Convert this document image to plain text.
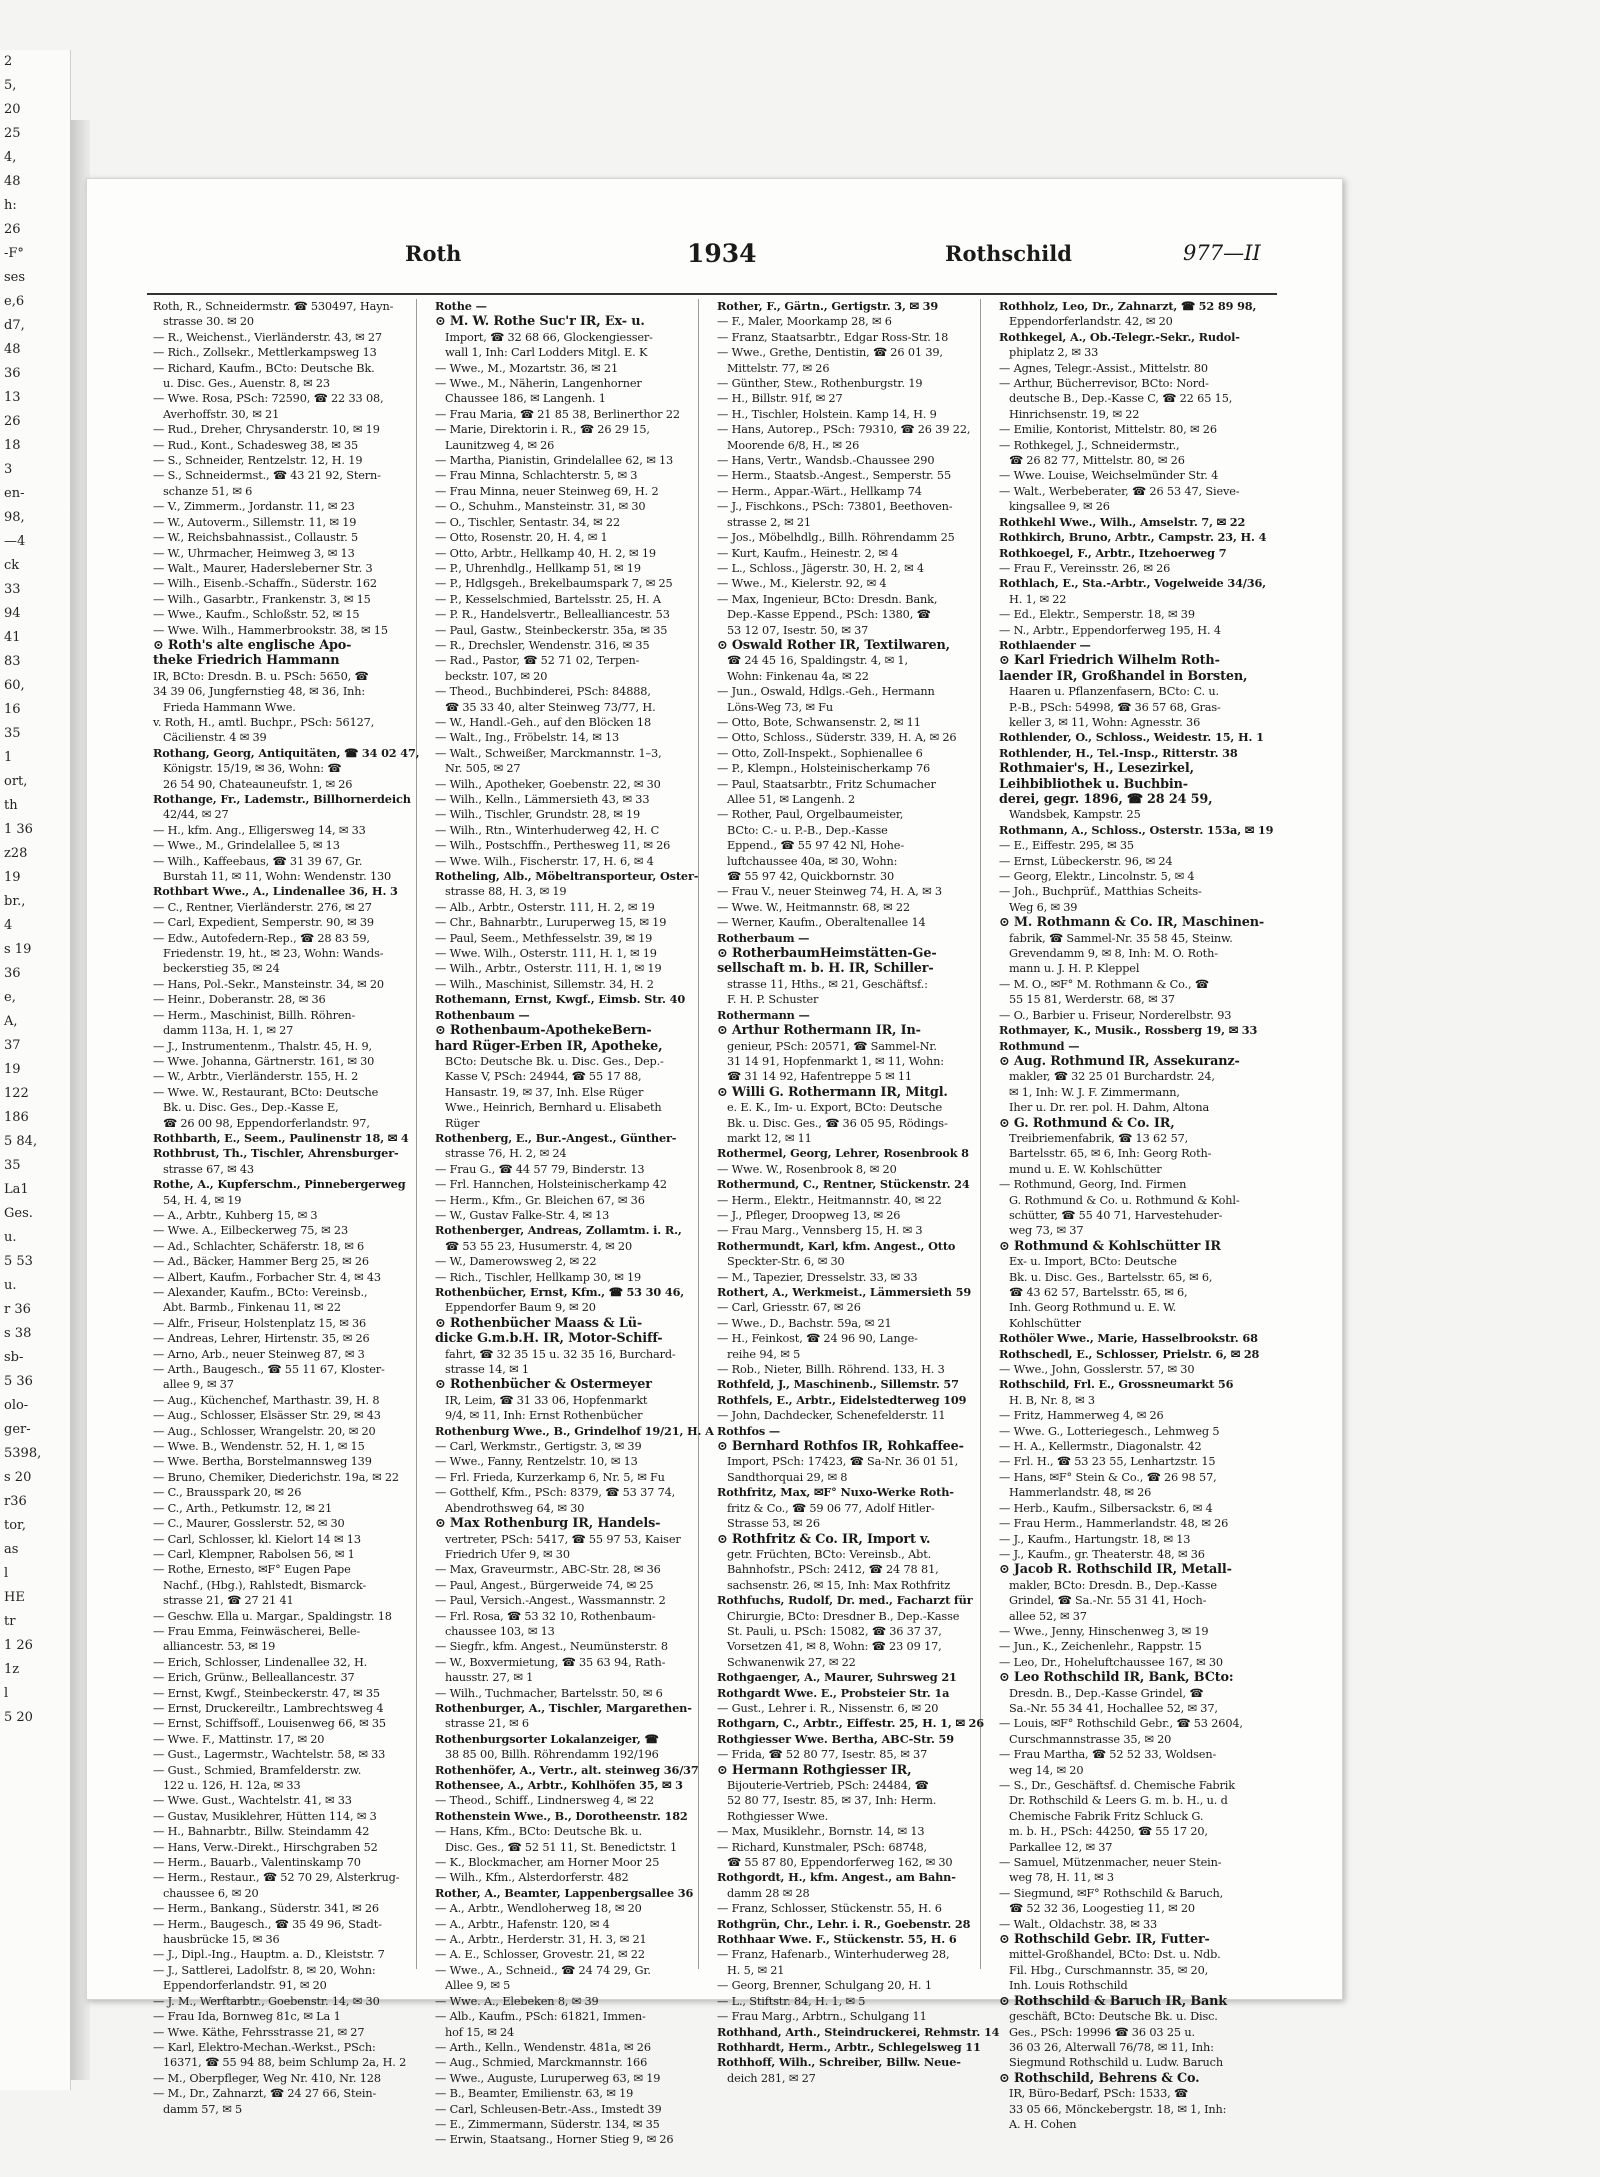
2
5,
20
25
4,
48
h:
26
-F°
ses
e,6
d7,
48
36
13
26
18
3
en-
98,
—4
ck
33
94
41
83
60,
16
35
1
ort,
th
1 36
z28
19
br.,
4
s 19
36
e,
A,
37
19
122
186
5 84,
35
La1
Ges.
u.
5 53
u.
r 36
s 38
sb-
5 36
olo-
ger-
5398,
s 20
r36
tor,
as
l
HE
tr
1 26
1z
l
5 20
Roth	1934	Rothschild	977—II
Roth, R., Schneidermstr. ☎ 530497, Hayn-
strasse 30. ✉ 20
— R., Weichenst., Vierländerstr. 43, ✉ 27
— Rich., Zollsekr., Mettlerkampsweg 13
— Richard, Kaufm., BCto: Deutsche Bk.
u. Disc. Ges., Auenstr. 8, ✉ 23
— Wwe. Rosa, PSch: 72590, ☎ 22 33 08,
Averhoffstr. 30, ✉ 21
— Rud., Dreher, Chrysanderstr. 10, ✉ 19
— Rud., Kont., Schadesweg 38, ✉ 35
— S., Schneider, Rentzelstr. 12, H. 19
— S., Schneidermst., ☎ 43 21 92, Stern-
schanze 51, ✉ 6
— V., Zimmerm., Jordanstr. 11, ✉ 23
— W., Autoverm., Sillemstr. 11, ✉ 19
— W., Reichsbahnassist., Collaustr. 5
— W., Uhrmacher, Heimweg 3, ✉ 13
— Walt., Maurer, Hadersleberner Str. 3
— Wilh., Eisenb.-Schaffn., Süderstr. 162
— Wilh., Gasarbtr., Frankenstr. 3, ✉ 15
— Wwe., Kaufm., Schloßstr. 52, ✉ 15
— Wwe. Wilh., Hammerbrookstr. 38, ✉ 15
⊙ Roth's alte englische Apo-
theke Friedrich Hammann
IR, BCto: Dresdn. B. u. PSch: 5650, ☎
34 39 06, Jungfernstieg 48, ✉ 36, Inh:
Frieda Hammann Wwe.
v. Roth, H., amtl. Buchpr., PSch: 56127,
Cäcilienstr. 4 ✉ 39
Rothang, Georg, Antiquitäten, ☎ 34 02 47,
Königstr. 15/19, ✉ 36, Wohn: ☎
26 54 90, Chateauneufstr. 1, ✉ 26
Rothange, Fr., Lademstr., Billhornerdeich
42/44, ✉ 27
— H., kfm. Ang., Elligersweg 14, ✉ 33
— Wwe., M., Grindelallee 5, ✉ 13
— Wilh., Kaffeebaus, ☎ 31 39 67, Gr.
Burstah 11, ✉ 11, Wohn: Wendenstr. 130
Rothbart Wwe., A., Lindenallee 36, H. 3
— C., Rentner, Vierländerstr. 276, ✉ 27
— Carl, Expedient, Semperstr. 90, ✉ 39
— Edw., Autofedern-Rep., ☎ 28 83 59,
Friedenstr. 19, ht., ✉ 23, Wohn: Wands-
beckerstieg 35, ✉ 24
— Hans, Pol.-Sekr., Mansteinstr. 34, ✉ 20
— Heinr., Doberanstr. 28, ✉ 36
— Herm., Maschinist, Billh. Röhren-
damm 113a, H. 1, ✉ 27
— J., Instrumentenm., Thalstr. 45, H. 9,
— Wwe. Johanna, Gärtnerstr. 161, ✉ 30
— W., Arbtr., Vierländerstr. 155, H. 2
— Wwe. W., Restaurant, BCto: Deutsche
Bk. u. Disc. Ges., Dep.-Kasse E,
☎ 26 00 98, Eppendorferlandstr. 97,
Rothbarth, E., Seem., Paulinenstr 18, ✉ 4
Rothbrust, Th., Tischler, Ahrensburger-
strasse 67, ✉ 43
Rothe, A., Kupferschm., Pinnebergerweg
54, H. 4, ✉ 19
— A., Arbtr., Kuhberg 15, ✉ 3
— Wwe. A., Eilbeckerweg 75, ✉ 23
— Ad., Schlachter, Schäferstr. 18, ✉ 6
— Ad., Bäcker, Hammer Berg 25, ✉ 26
— Albert, Kaufm., Forbacher Str. 4, ✉ 43
— Alexander, Kaufm., BCto: Vereinsb.,
Abt. Barmb., Finkenau 11, ✉ 22
— Alfr., Friseur, Holstenplatz 15, ✉ 36
— Andreas, Lehrer, Hirtenstr. 35, ✉ 26
— Arno, Arb., neuer Steinweg 87, ✉ 3
— Arth., Baugesch., ☎ 55 11 67, Kloster-
allee 9, ✉ 37
— Aug., Küchenchef, Marthastr. 39, H. 8
— Aug., Schlosser, Elsässer Str. 29, ✉ 43
— Aug., Schlosser, Wrangelstr. 20, ✉ 20
— Wwe. B., Wendenstr. 52, H. 1, ✉ 15
— Wwe. Bertha, Borstelmannsweg 139
— Bruno, Chemiker, Diederichstr. 19a, ✉ 22
— C., Brausspark 20, ✉ 26
— C., Arth., Petkumstr. 12, ✉ 21
— C., Maurer, Gosslerstr. 52, ✉ 30
— Carl, Schlosser, kl. Kielort 14 ✉ 13
— Carl, Klempner, Rabolsen 56, ✉ 1
— Rothe, Ernesto, ✉F° Eugen Pape
Nachf., (Hbg.), Rahlstedt, Bismarck-
strasse 21, ☎ 27 21 41
— Geschw. Ella u. Margar., Spaldingstr. 18
— Frau Emma, Feinwäscherei, Belle-
alliancestr. 53, ✉ 19
— Erich, Schlosser, Lindenallee 32, H.
— Erich, Grünw., Belleallancestr. 37
— Ernst, Kwgf., Steinbeckerstr. 47, ✉ 35
— Ernst, Druckereiltr., Lambrechtsweg 4
— Ernst, Schiffsoff., Louisenweg 66, ✉ 35
— Wwe. F., Mattinstr. 17, ✉ 20
— Gust., Lagermstr., Wachtelstr. 58, ✉ 33
— Gust., Schmied, Bramfelderstr. zw.
122 u. 126, H. 12a, ✉ 33
— Wwe. Gust., Wachtelstr. 41, ✉ 33
— Gustav, Musiklehrer, Hütten 114, ✉ 3
— H., Bahnarbtr., Billw. Steindamm 42
— Hans, Verw.-Direkt., Hirschgraben 52
— Herm., Bauarb., Valentinskamp 70
— Herm., Restaur., ☎ 52 70 29, Alsterkrug-
chaussee 6, ✉ 20
— Herm., Bankang., Süderstr. 341, ✉ 26
— Herm., Baugesch., ☎ 35 49 96, Stadt-
hausbrücke 15, ✉ 36
— J., Dipl.-Ing., Hauptm. a. D., Kleiststr. 7
— J., Sattlerei, Ladolfstr. 8, ✉ 20, Wohn:
Eppendorferlandstr. 91, ✉ 20
— J. M., Werftarbtr., Goebenstr. 14, ✉ 30
— Frau Ida, Bornweg 81c, ✉ La 1
— Wwe. Käthe, Fehrsstrasse 21, ✉ 27
— Karl, Elektro-Mechan.-Werkst., PSch:
16371, ☎ 55 94 88, beim Schlump 2a, H. 2
— M., Oberpfleger, Weg Nr. 410, Nr. 128
— M., Dr., Zahnarzt, ☎ 24 27 66, Stein-
damm 57, ✉ 5
Rothe —
⊙ M. W. Rothe Suc'r IR, Ex- u.
Import, ☎ 32 68 66, Glockengiesser-
wall 1, Inh: Carl Lodders Mitgl. E. K
— Wwe., M., Mozartstr. 36, ✉ 21
— Wwe., M., Näherin, Langenhorner
Chaussee 186, ✉ Langenh. 1
— Frau Maria, ☎ 21 85 38, Berlinerthor 22
— Marie, Direktorin i. R., ☎ 26 29 15,
Launitzweg 4, ✉ 26
— Martha, Pianistin, Grindelallee 62, ✉ 13
— Frau Minna, Schlachterstr. 5, ✉ 3
— Frau Minna, neuer Steinweg 69, H. 2
— O., Schuhm., Mansteinstr. 31, ✉ 30
— O., Tischler, Sentastr. 34, ✉ 22
— Otto, Rosenstr. 20, H. 4, ✉ 1
— Otto, Arbtr., Hellkamp 40, H. 2, ✉ 19
— P., Uhrenhdlg., Hellkamp 51, ✉ 19
— P., Hdlgsgeh., Brekelbaumspark 7, ✉ 25
— P., Kesselschmied, Bartelsstr. 25, H. A
— P. R., Handelsvertr., Bellealliancestr. 53
— Paul, Gastw., Steinbeckerstr. 35a, ✉ 35
— R., Drechsler, Wendenstr. 316, ✉ 35
— Rad., Pastor, ☎ 52 71 02, Terpen-
beckstr. 107, ✉ 20
— Theod., Buchbinderei, PSch: 84888,
☎ 35 33 40, alter Steinweg 73/77, H.
— W., Handl.-Geh., auf den Blöcken 18
— Walt., Ing., Fröbelstr. 14, ✉ 13
— Walt., Schweißer, Marckmannstr. 1–3,
Nr. 505, ✉ 27
— Wilh., Apotheker, Goebenstr. 22, ✉ 30
— Wilh., Kelln., Lämmersieth 43, ✉ 33
— Wilh., Tischler, Grundstr. 28, ✉ 19
— Wilh., Rtn., Winterhuderweg 42, H. C
— Wilh., Postschffn., Perthesweg 11, ✉ 26
— Wwe. Wilh., Fischerstr. 17, H. 6, ✉ 4
Rotheling, Alb., Möbeltransporteur, Oster-
strasse 88, H. 3, ✉ 19
— Alb., Arbtr., Osterstr. 111, H. 2, ✉ 19
— Chr., Bahnarbtr., Luruperweg 15, ✉ 19
— Paul, Seem., Methfesselstr. 39, ✉ 19
— Wwe. Wilh., Osterstr. 111, H. 1, ✉ 19
— Wilh., Arbtr., Osterstr. 111, H. 1, ✉ 19
— Wilh., Maschinist, Sillemstr. 34, H. 2
Rothemann, Ernst, Kwgf., Eimsb. Str. 40
Rothenbaum —
⊙ Rothenbaum-ApothekeBern-
hard Rüger-Erben IR, Apotheke,
BCto: Deutsche Bk. u. Disc. Ges., Dep.-
Kasse V, PSch: 24944, ☎ 55 17 88,
Hansastr. 19, ✉ 37, Inh. Else Rüger
Wwe., Heinrich, Bernhard u. Elisabeth
Rüger
Rothenberg, E., Bur.-Angest., Günther-
strasse 76, H. 2, ✉ 24
— Frau G., ☎ 44 57 79, Binderstr. 13
— Frl. Hannchen, Holsteinischerkamp 42
— Herm., Kfm., Gr. Bleichen 67, ✉ 36
— W., Gustav Falke-Str. 4, ✉ 13
Rothenberger, Andreas, Zollamtm. i. R.,
☎ 53 55 23, Husumerstr. 4, ✉ 20
— W., Damerowsweg 2, ✉ 22
— Rich., Tischler, Hellkamp 30, ✉ 19
Rothenbücher, Ernst, Kfm., ☎ 53 30 46,
Eppendorfer Baum 9, ✉ 20
⊙ Rothenbücher Maass & Lü-
dicke G.m.b.H. IR, Motor-Schiff-
fahrt, ☎ 32 35 15 u. 32 35 16, Burchard-
strasse 14, ✉ 1
⊙ Rothenbücher & Ostermeyer
IR, Leim, ☎ 31 33 06, Hopfenmarkt
9/4, ✉ 11, Inh: Ernst Rothenbücher
Rothenburg Wwe., B., Grindelhof 19/21, H. A
— Carl, Werkmstr., Gertigstr. 3, ✉ 39
— Wwe., Fanny, Rentzelstr. 10, ✉ 13
— Frl. Frieda, Kurzerkamp 6, Nr. 5, ✉ Fu
— Gotthelf, Kfm., PSch: 8379, ☎ 53 37 74,
Abendrothsweg 64, ✉ 30
⊙ Max Rothenburg IR, Handels-
vertreter, PSch: 5417, ☎ 55 97 53, Kaiser
Friedrich Ufer 9, ✉ 30
— Max, Graveurmstr., ABC-Str. 28, ✉ 36
— Paul, Angest., Bürgerweide 74, ✉ 25
— Paul, Versich.-Angest., Wassmannstr. 2
— Frl. Rosa, ☎ 53 32 10, Rothenbaum-
chaussee 103, ✉ 13
— Siegfr., kfm. Angest., Neumünsterstr. 8
— W., Boxvermietung, ☎ 35 63 94, Rath-
hausstr. 27, ✉ 1
— Wilh., Tuchmacher, Bartelsstr. 50, ✉ 6
Rothenburger, A., Tischler, Margarethen-
strasse 21, ✉ 6
Rothenburgsorter Lokalanzeiger, ☎
38 85 00, Billh. Röhrendamm 192/196
Rothenhöfer, A., Vertr., alt. steinweg 36/37
Rothensee, A., Arbtr., Kohlhöfen 35, ✉ 3
— Theod., Schiff., Lindnersweg 4, ✉ 22
Rothenstein Wwe., B., Dorotheenstr. 182
— Hans, Kfm., BCto: Deutsche Bk. u.
Disc. Ges., ☎ 52 51 11, St. Benedictstr. 1
— K., Blockmacher, am Horner Moor 25
— Wilh., Kfm., Alsterdorferstr. 482
Rother, A., Beamter, Lappenbergsallee 36
— A., Arbtr., Wendloherweg 18, ✉ 20
— A., Arbtr., Hafenstr. 120, ✉ 4
— A., Arbtr., Herderstr. 31, H. 3, ✉ 21
— A. E., Schlosser, Grovestr. 21, ✉ 22
— Wwe., A., Schneid., ☎ 24 74 29, Gr.
Allee 9, ✉ 5
— Wwe. A., Elebeken 8, ✉ 39
— Alb., Kaufm., PSch: 61821, Immen-
hof 15, ✉ 24
— Arth., Kelln., Wendenstr. 481a, ✉ 26
— Aug., Schmied, Marckmannstr. 166
— Wwe., Auguste, Luruperweg 63, ✉ 19
— B., Beamter, Emilienstr. 63, ✉ 19
— Carl, Schleusen-Betr.-Ass., Imstedt 39
— E., Zimmermann, Süderstr. 134, ✉ 35
— Erwin, Staatsang., Horner Stieg 9, ✉ 26
Rother, F., Gärtn., Gertigstr. 3, ✉ 39
— F., Maler, Moorkamp 28, ✉ 6
— Franz, Staatsarbtr., Edgar Ross-Str. 18
— Wwe., Grethe, Dentistin, ☎ 26 01 39,
Mittelstr. 77, ✉ 26
— Günther, Stew., Rothenburgstr. 19
— H., Billstr. 91f, ✉ 27
— H., Tischler, Holstein. Kamp 14, H. 9
— Hans, Autorep., PSch: 79310, ☎ 26 39 22,
Moorende 6/8, H., ✉ 26
— Hans, Vertr., Wandsb.-Chaussee 290
— Herm., Staatsb.-Angest., Semperstr. 55
— Herm., Appar.-Wärt., Hellkamp 74
— J., Fischkons., PSch: 73801, Beethoven-
strasse 2, ✉ 21
— Jos., Möbelhdlg., Billh. Röhrendamm 25
— Kurt, Kaufm., Heinestr. 2, ✉ 4
— L., Schloss., Jägerstr. 30, H. 2, ✉ 4
— Wwe., M., Kielerstr. 92, ✉ 4
— Max, Ingenieur, BCto: Dresdn. Bank,
Dep.-Kasse Eppend., PSch: 1380, ☎
53 12 07, Isestr. 50, ✉ 37
⊙ Oswald Rother IR, Textilwaren,
☎ 24 45 16, Spaldingstr. 4, ✉ 1,
Wohn: Finkenau 4a, ✉ 22
— Jun., Oswald, Hdlgs.-Geh., Hermann
Löns-Weg 73, ✉ Fu
— Otto, Bote, Schwansenstr. 2, ✉ 11
— Otto, Schloss., Süderstr. 339, H. A, ✉ 26
— Otto, Zoll-Inspekt., Sophienallee 6
— P., Klempn., Holsteinischerkamp 76
— Paul, Staatsarbtr., Fritz Schumacher
Allee 51, ✉ Langenh. 2
— Rother, Paul, Orgelbaumeister,
BCto: C.- u. P.-B., Dep.-Kasse
Eppend., ☎ 55 97 42 Nl, Hohe-
luftchaussee 40a, ✉ 30, Wohn:
☎ 55 97 42, Quickbornstr. 30
— Frau V., neuer Steinweg 74, H. A, ✉ 3
— Wwe. W., Heitmannstr. 68, ✉ 22
— Werner, Kaufm., Oberaltenallee 14
Rotherbaum —
⊙ RotherbaumHeimstätten-Ge-
sellschaft m. b. H. IR, Schiller-
strasse 11, Hths., ✉ 21, Geschäftsf.:
F. H. P. Schuster
Rothermann —
⊙ Arthur Rothermann IR, In-
genieur, PSch: 20571, ☎ Sammel-Nr.
31 14 91, Hopfenmarkt 1, ✉ 11, Wohn:
☎ 31 14 92, Hafentreppe 5 ✉ 11
⊙ Willi G. Rothermann IR, Mitgl.
e. E. K., Im- u. Export, BCto: Deutsche
Bk. u. Disc. Ges., ☎ 36 05 95, Rödings-
markt 12, ✉ 11
Rothermel, Georg, Lehrer, Rosenbrook 8
— Wwe. W., Rosenbrook 8, ✉ 20
Rothermund, C., Rentner, Stückenstr. 24
— Herm., Elektr., Heitmannstr. 40, ✉ 22
— J., Pfleger, Droopweg 13, ✉ 26
— Frau Marg., Vennsberg 15, H. ✉ 3
Rothermundt, Karl, kfm. Angest., Otto
Speckter-Str. 6, ✉ 30
— M., Tapezier, Dresselstr. 33, ✉ 33
Rothert, A., Werkmeist., Lämmersieth 59
— Carl, Griesstr. 67, ✉ 26
— Wwe., D., Bachstr. 59a, ✉ 21
— H., Feinkost, ☎ 24 96 90, Lange-
reihe 94, ✉ 5
— Rob., Nieter, Billh. Röhrend. 133, H. 3
Rothfeld, J., Maschinenb., Sillemstr. 57
Rothfels, E., Arbtr., Eidelstedterweg 109
— John, Dachdecker, Schenefelderstr. 11
Rothfos —
⊙ Bernhard Rothfos IR, Rohkaffee-
Import, PSch: 17423, ☎ Sa-Nr. 36 01 51,
Sandthorquai 29, ✉ 8
Rothfritz, Max, ✉F° Nuxo-Werke Roth-
fritz & Co., ☎ 59 06 77, Adolf Hitler-
Strasse 53, ✉ 26
⊙ Rothfritz & Co. IR, Import v.
getr. Früchten, BCto: Vereinsb., Abt.
Bahnhofstr., PSch: 2412, ☎ 24 78 81,
sachsenstr. 26, ✉ 15, Inh: Max Rothfritz
Rothfuchs, Rudolf, Dr. med., Facharzt für
Chirurgie, BCto: Dresdner B., Dep.-Kasse
St. Pauli, u. PSch: 15082, ☎ 36 37 37,
Vorsetzen 41, ✉ 8, Wohn: ☎ 23 09 17,
Schwanenwik 27, ✉ 22
Rothgaenger, A., Maurer, Suhrsweg 21
Rothgardt Wwe. E., Probsteier Str. 1a
— Gust., Lehrer i. R., Nissenstr. 6, ✉ 20
Rothgarn, C., Arbtr., Eiffestr. 25, H. 1, ✉ 26
Rothgiesser Wwe. Bertha, ABC-Str. 59
— Frida, ☎ 52 80 77, Isestr. 85, ✉ 37
⊙ Hermann Rothgiesser IR,
Bijouterie-Vertrieb, PSch: 24484, ☎
52 80 77, Isestr. 85, ✉ 37, Inh: Herm.
Rothgiesser Wwe.
— Max, Musiklehr., Bornstr. 14, ✉ 13
— Richard, Kunstmaler, PSch: 68748,
☎ 55 87 80, Eppendorferweg 162, ✉ 30
Rothgordt, H., kfm. Angest., am Bahn-
damm 28 ✉ 28
— Franz, Schlosser, Stückenstr. 55, H. 6
Rothgrün, Chr., Lehr. i. R., Goebenstr. 28
Rothhaar Wwe. F., Stückenstr. 55, H. 6
— Franz, Hafenarb., Winterhuderweg 28,
H. 5, ✉ 21
— Georg, Brenner, Schulgang 20, H. 1
— L., Stiftstr. 84, H. 1, ✉ 5
— Frau Marg., Arbtrn., Schulgang 11
Rothhand, Arth., Steindruckerei, Rehmstr. 14
Rothhardt, Herm., Arbtr., Schlegelsweg 11
Rothhoff, Wilh., Schreiber, Billw. Neue-
deich 281, ✉ 27
Rothholz, Leo, Dr., Zahnarzt, ☎ 52 89 98,
Eppendorferlandstr. 42, ✉ 20
Rothkegel, A., Ob.-Telegr.-Sekr., Rudol-
phiplatz 2, ✉ 33
— Agnes, Telegr.-Assist., Mittelstr. 80
— Arthur, Bücherrevisor, BCto: Nord-
deutsche B., Dep.-Kasse C, ☎ 22 65 15,
Hinrichsenstr. 19, ✉ 22
— Emilie, Kontorist, Mittelstr. 80, ✉ 26
— Rothkegel, J., Schneidermstr.,
☎ 26 82 77, Mittelstr. 80, ✉ 26
— Wwe. Louise, Weichselmünder Str. 4
— Walt., Werbeberater, ☎ 26 53 47, Sieve-
kingsallee 9, ✉ 26
Rothkehl Wwe., Wilh., Amselstr. 7, ✉ 22
Rothkirch, Bruno, Arbtr., Campstr. 23, H. 4
Rothkoegel, F., Arbtr., Itzehoerweg 7
— Frau F., Vereinsstr. 26, ✉ 26
Rothlach, E., Sta.-Arbtr., Vogelweide 34/36,
H. 1, ✉ 22
— Ed., Elektr., Semperstr. 18, ✉ 39
— N., Arbtr., Eppendorferweg 195, H. 4
Rothlaender —
⊙ Karl Friedrich Wilhelm Roth-
laender IR, Großhandel in Borsten,
Haaren u. Pflanzenfasern, BCto: C. u.
P.-B., PSch: 54998, ☎ 36 57 68, Gras-
keller 3, ✉ 11, Wohn: Agnesstr. 36
Rothlender, O., Schloss., Weidestr. 15, H. 1
Rothlender, H., Tel.-Insp., Ritterstr. 38
Rothmaier's, H., Lesezirkel,
Leihbibliothek u. Buchbin-
derei, gegr. 1896, ☎ 28 24 59,
Wandsbek, Kampstr. 25
Rothmann, A., Schloss., Osterstr. 153a, ✉ 19
— E., Eiffestr. 295, ✉ 35
— Ernst, Lübeckerstr. 96, ✉ 24
— Georg, Elektr., Lincolnstr. 5, ✉ 4
— Joh., Buchprüf., Matthias Scheits-
Weg 6, ✉ 39
⊙ M. Rothmann & Co. IR, Maschinen-
fabrik, ☎ Sammel-Nr. 35 58 45, Steinw.
Grevendamm 9, ✉ 8, Inh: M. O. Roth-
mann u. J. H. P. Kleppel
— M. O., ✉F° M. Rothmann & Co., ☎
55 15 81, Werderstr. 68, ✉ 37
— O., Barbier u. Friseur, Norderelbstr. 93
Rothmayer, K., Musik., Rossberg 19, ✉ 33
Rothmund —
⊙ Aug. Rothmund IR, Assekuranz-
makler, ☎ 32 25 01 Burchardstr. 24,
✉ 1, Inh: W. J. F. Zimmermann,
Iher u. Dr. rer. pol. H. Dahm, Altona
⊙ G. Rothmund & Co. IR,
Treibriemenfabrik, ☎ 13 62 57,
Bartelsstr. 65, ✉ 6, Inh: Georg Roth-
mund u. E. W. Kohlschütter
— Rothmund, Georg, Ind. Firmen
G. Rothmund & Co. u. Rothmund & Kohl-
schütter, ☎ 55 40 71, Harvestehuder-
weg 73, ✉ 37
⊙ Rothmund & Kohlschütter IR
Ex- u. Import, BCto: Deutsche
Bk. u. Disc. Ges., Bartelsstr. 65, ✉ 6,
☎ 43 62 57, Bartelsstr. 65, ✉ 6,
Inh. Georg Rothmund u. E. W.
Kohlschütter
Rothöler Wwe., Marie, Hasselbrookstr. 68
Rothschedl, E., Schlosser, Prielstr. 6, ✉ 28
— Wwe., John, Gosslerstr. 57, ✉ 30
Rothschild, Frl. E., Grossneumarkt 56
H. B, Nr. 8, ✉ 3
— Fritz, Hammerweg 4, ✉ 26
— Wwe. G., Lotteriegesch., Lehmweg 5
— H. A., Kellermstr., Diagonalstr. 42
— Frl. H., ☎ 53 23 55, Lenhartzstr. 15
— Hans, ✉F° Stein & Co., ☎ 26 98 57,
Hammerlandstr. 48, ✉ 26
— Herb., Kaufm., Silbersackstr. 6, ✉ 4
— Frau Herm., Hammerlandstr. 48, ✉ 26
— J., Kaufm., Hartungstr. 18, ✉ 13
— J., Kaufm., gr. Theaterstr. 48, ✉ 36
⊙ Jacob R. Rothschild IR, Metall-
makler, BCto: Dresdn. B., Dep.-Kasse
Grindel, ☎ Sa.-Nr. 55 31 41, Hoch-
allee 52, ✉ 37
— Wwe., Jenny, Hinschenweg 3, ✉ 19
— Jun., K., Zeichenlehr., Rappstr. 15
— Leo, Dr., Hoheluftchaussee 167, ✉ 30
⊙ Leo Rothschild IR, Bank, BCto:
Dresdn. B., Dep.-Kasse Grindel, ☎
Sa.-Nr. 55 34 41, Hochallee 52, ✉ 37,
— Louis, ✉F° Rothschild Gebr., ☎ 53 2604,
Curschmannstrasse 35, ✉ 20
— Frau Martha, ☎ 52 52 33, Woldsen-
weg 14, ✉ 20
— S., Dr., Geschäftsf. d. Chemische Fabrik
Dr. Rothschild & Leers G. m. b. H., u. d
Chemische Fabrik Fritz Schluck G.
m. b. H., PSch: 44250, ☎ 55 17 20,
Parkallee 12, ✉ 37
— Samuel, Mützenmacher, neuer Stein-
weg 78, H. 11, ✉ 3
— Siegmund, ✉F° Rothschild & Baruch,
☎ 52 32 36, Loogestieg 11, ✉ 20
— Walt., Oldachstr. 38, ✉ 33
⊙ Rothschild Gebr. IR, Futter-
mittel-Großhandel, BCto: Dst. u. Ndb.
Fil. Hbg., Curschmannstr. 35, ✉ 20,
Inh. Louis Rothschild
⊙ Rothschild & Baruch IR, Bank
geschäft, BCto: Deutsche Bk. u. Disc.
Ges., PSch: 19996 ☎ 36 03 25 u.
36 03 26, Alterwall 76/78, ✉ 11, Inh:
Siegmund Rothschild u. Ludw. Baruch
⊙ Rothschild, Behrens & Co.
IR, Büro-Bedarf, PSch: 1533, ☎
33 05 66, Mönckebergstr. 18, ✉ 1, Inh:
A. H. Cohen
